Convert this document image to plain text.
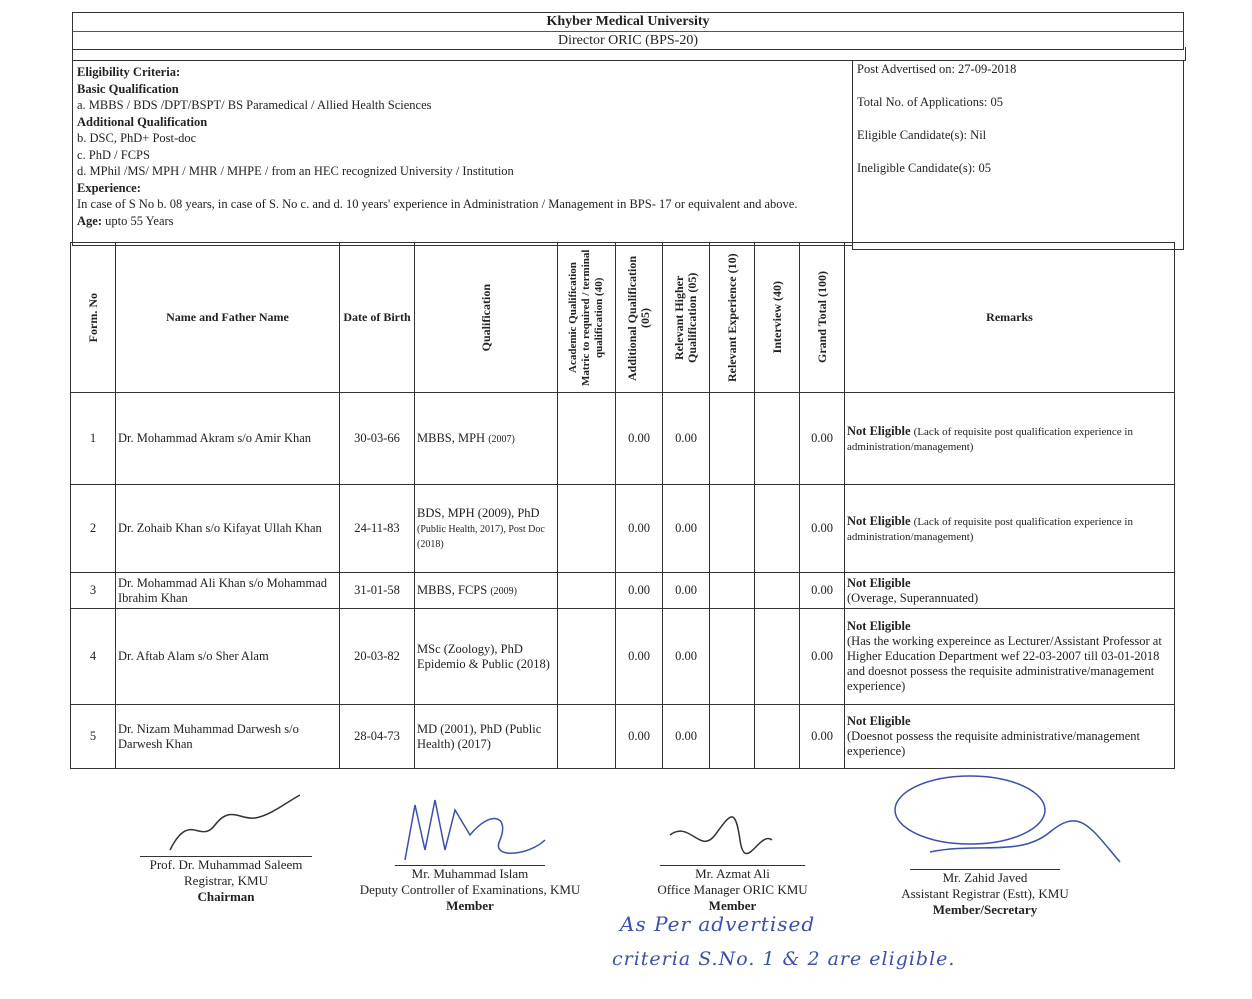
Khyber Medical University
Director ORIC (BPS-20)
Eligibility Criteria:
Basic Qualification
a. MBBS / BDS /DPT/BSPT/ BS Paramedical / Allied Health Sciences
Additional Qualification
b. DSC, PhD+ Post-doc
c. PhD / FCPS
d. MPhil /MS/ MPH / MHR / MHPE / from an HEC recognized University / Institution
Experience:
In case of S No b. 08 years, in case of S. No c. and d. 10 years' experience in Administration / Management in BPS- 17 or equivalent and above.
Age: upto 55 Years
Post Advertised on: 27-09-2018
Total No. of Applications: 05
Eligible Candidate(s): Nil
Ineligible Candidate(s): 05
Form. No	Name and Father Name	Date of Birth	Qualification	Academic Qualification Matric to required / terminal qualification (40)	Additional Qualification (05)	Relevant Higher Qualification (05)	Relevant Experience (10)	Interview (40)	Grand Total (100)	Remarks
1	Dr. Mohammad Akram s/o Amir Khan	30-03-66	MBBS, MPH (2007)		0.00	0.00			0.00	Not Eligible (Lack of requisite post qualification experience in administration/management)
2	Dr. Zohaib Khan s/o Kifayat Ullah Khan	24-11-83	BDS, MPH (2009), PhD
(Public Health, 2017), Post Doc (2018)		0.00	0.00			0.00	Not Eligible (Lack of requisite post qualification experience in administration/management)
3	Dr. Mohammad Ali Khan s/o Mohammad Ibrahim Khan	31-01-58	MBBS, FCPS (2009)		0.00	0.00			0.00	Not Eligible
(Overage, Superannuated)
4	Dr. Aftab Alam s/o Sher Alam	20-03-82	MSc (Zoology), PhD Epidemio & Public (2018)		0.00	0.00			0.00	Not Eligible
(Has the working expereince as Lecturer/Assistant Professor at Higher Education Department wef 22-03-2007 till 03-01-2018 and doesnot possess the requisite administrative/management experience)
5	Dr. Nizam Muhammad Darwesh s/o Darwesh Khan	28-04-73	MD (2001), PhD (Public Health) (2017)		0.00	0.00			0.00	Not Eligible
(Doesnot possess the requisite administrative/management experience)
Prof. Dr. Muhammad Saleem
Registrar, KMU
Chairman
Mr. Muhammad Islam
Deputy Controller of Examinations, KMU
Member
Mr. Azmat Ali
Office Manager ORIC KMU
Member
Mr. Zahid Javed
Assistant Registrar (Estt), KMU
Member/Secretary
As Per advertised
criteria S.No. 1 & 2 are eligible.
